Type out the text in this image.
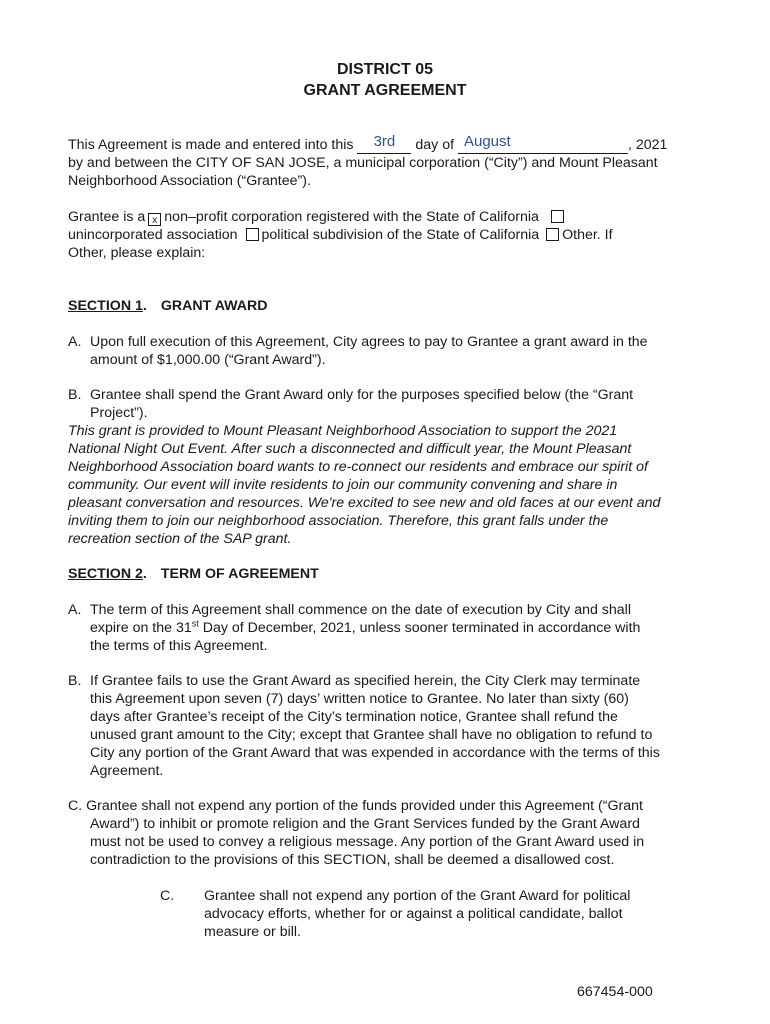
DISTRICT 05
GRANT AGREEMENT
This Agreement is made and entered into this 3rd day of August	, 2021
by and between the CITY OF SAN JOSE, a municipal corporation (“City”) and Mount Pleasant
Neighborhood Association (“Grantee”).
Grantee is a x non–profit corporation registered with the State of California
unincorporated association political subdivision of the State of California Other. If
Other, please explain:
SECTION 1. GRANT AWARD
A. Upon full execution of this Agreement, City agrees to pay to Grantee a grant award in the
amount of $1,000.00 (“Grant Award”).
B. Grantee shall spend the Grant Award only for the purposes specified below (the “Grant
Project”).
This grant is provided to Mount Pleasant Neighborhood Association to support the 2021
National Night Out Event. After such a disconnected and difficult year, the Mount Pleasant
Neighborhood Association board wants to re-connect our residents and embrace our spirit of
community. Our event will invite residents to join our community convening and share in
pleasant conversation and resources. We're excited to see new and old faces at our event and
inviting them to join our neighborhood association. Therefore, this grant falls under the
recreation section of the SAP grant.
SECTION 2. TERM OF AGREEMENT
A. The term of this Agreement shall commence on the date of execution by City and shall
expire on the 31st Day of December, 2021, unless sooner terminated in accordance with
the terms of this Agreement.
B. If Grantee fails to use the Grant Award as specified herein, the City Clerk may terminate
this Agreement upon seven (7) days’ written notice to Grantee. No later than sixty (60)
days after Grantee’s receipt of the City’s termination notice, Grantee shall refund the
unused grant amount to the City; except that Grantee shall have no obligation to refund to
City any portion of the Grant Award that was expended in accordance with the terms of this
Agreement.
C. Grantee shall not expend any portion of the funds provided under this Agreement (“Grant
Award”) to inhibit or promote religion and the Grant Services funded by the Grant Award
must not be used to convey a religious message. Any portion of the Grant Award used in
contradiction to the provisions of this SECTION, shall be deemed a disallowed cost.
C.	Grantee shall not expend any portion of the Grant Award for political
advocacy efforts, whether for or against a political candidate, ballot
measure or bill.
667454-000
